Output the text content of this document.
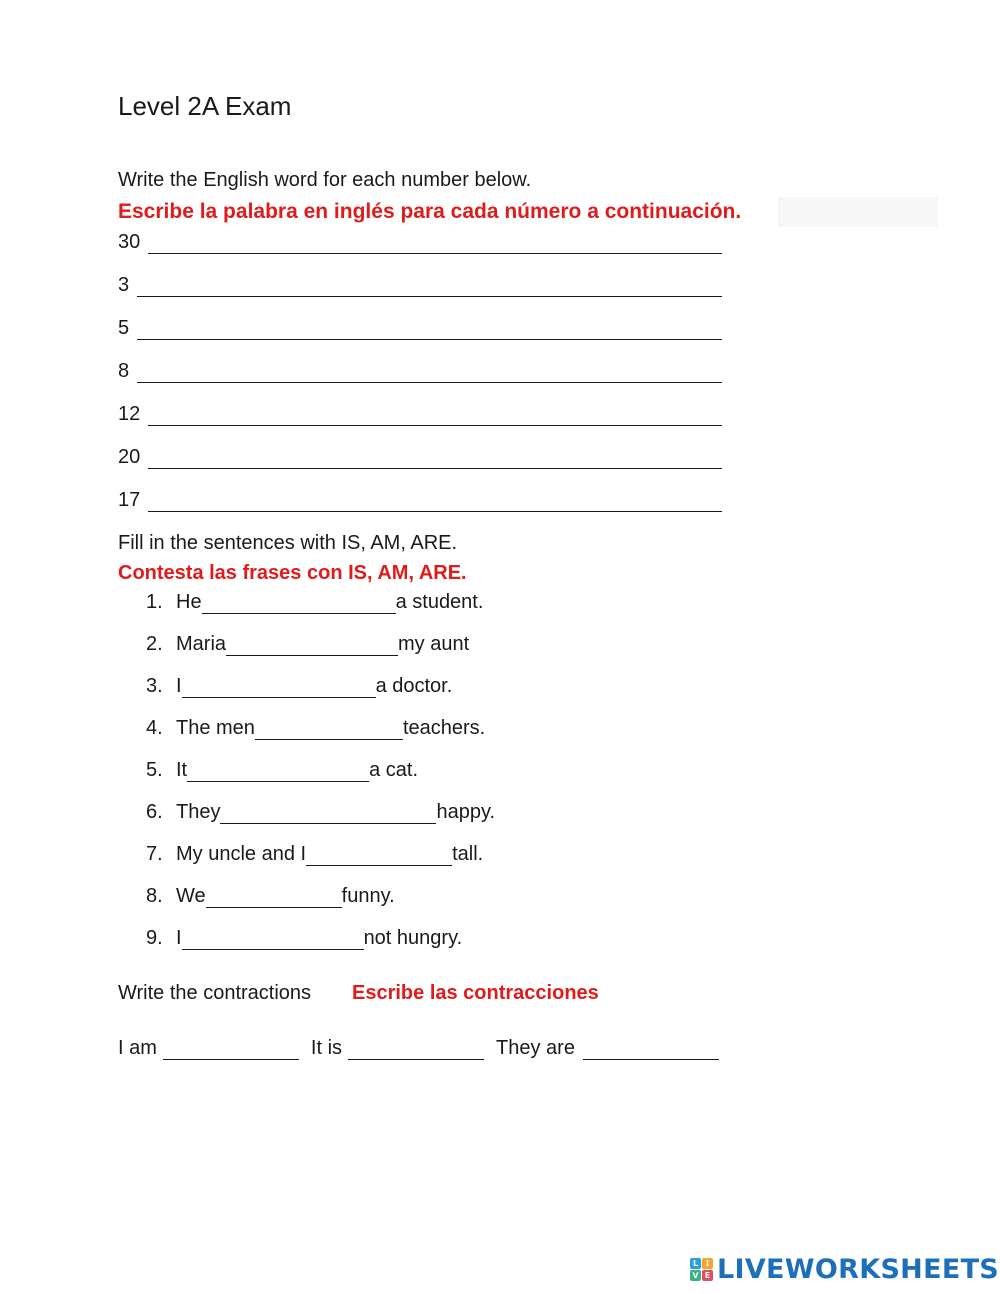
Level 2A Exam
Write the English word for each number below.
Escribe la palabra en inglés para cada número a continuación.
30
3
5
8
12
20
17
Fill in the sentences with IS, AM, ARE.
Contesta las frases con IS, AM, ARE.
1. He	a student.
2. Maria	my aunt
3. I	a doctor.
4. The men	teachers.
5. It	a cat.
6. They	happy.
7. My uncle and I	tall.
8. We	funny.
9. I	not hungry.
Write the contractions Escribe las contracciones
I am	It is	They are
L I
V E LIVEWORKSHEETS
